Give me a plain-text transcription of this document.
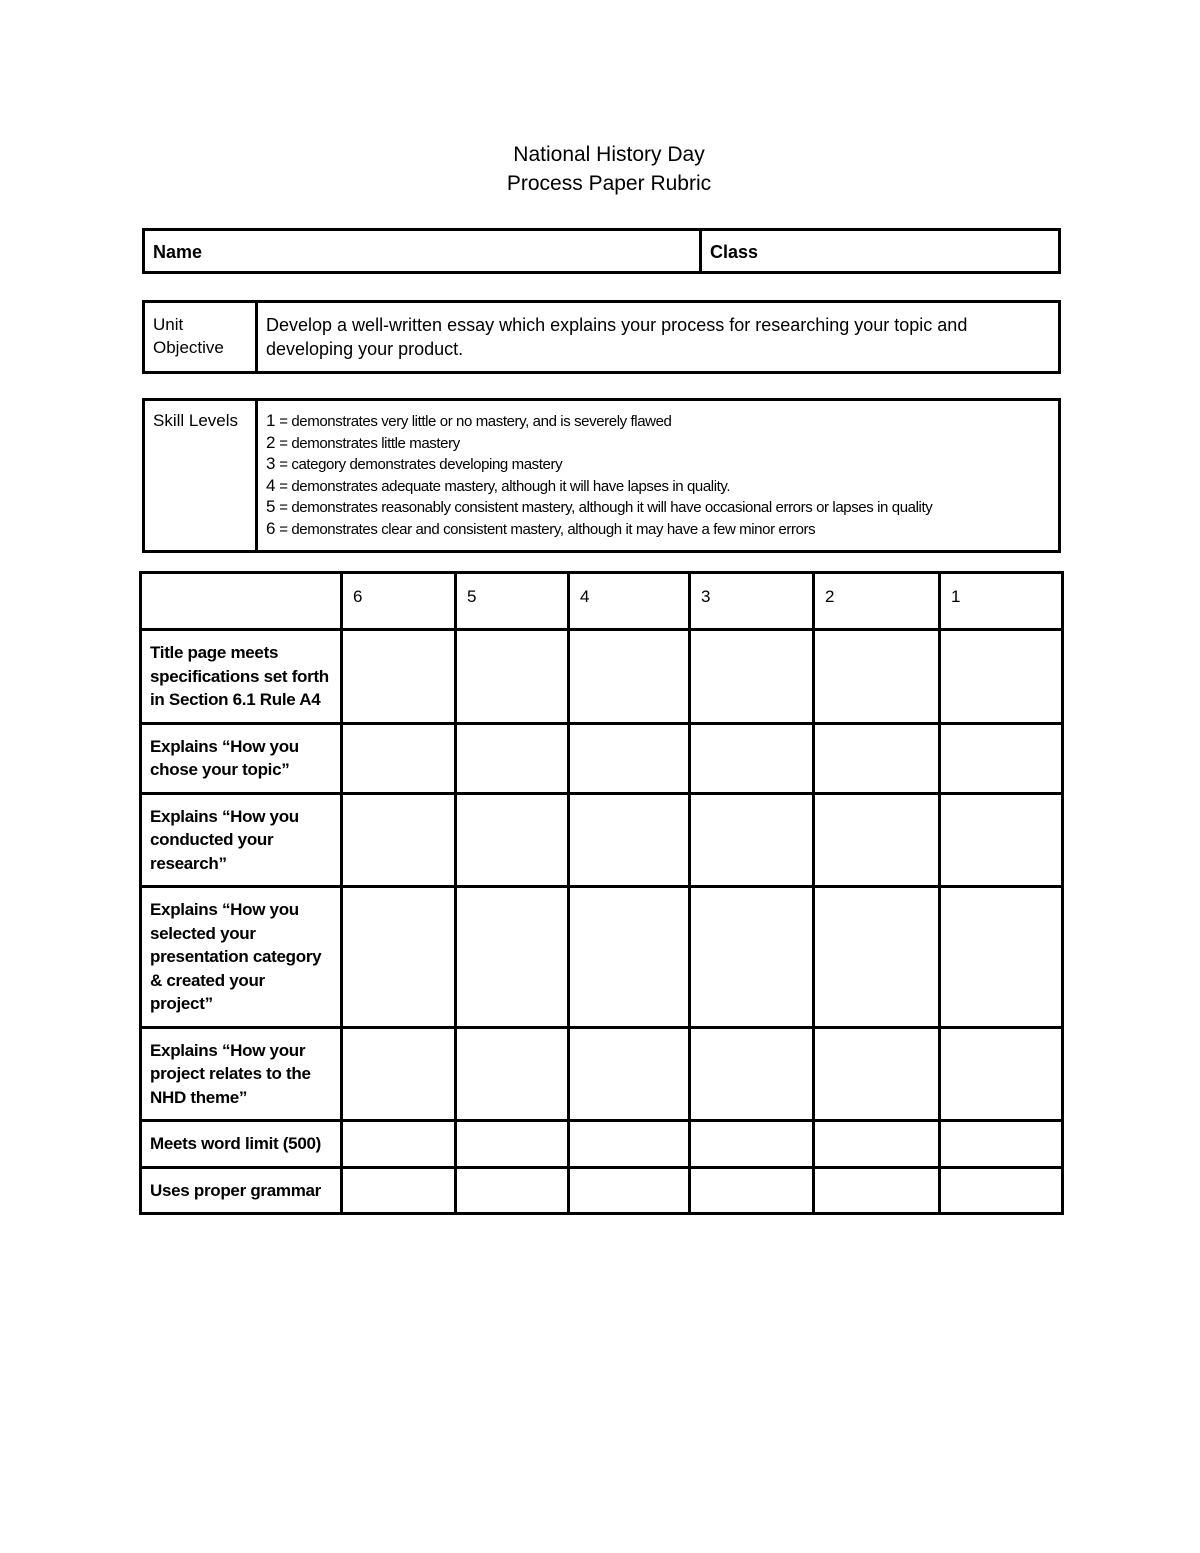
National History Day
Process Paper Rubric
Name	Class
Unit
Objective
	Develop a well-written essay which explains your process for researching your topic and developing your product.
Skill Levels	1 = demonstrates very little or no mastery, and is severely flawed
2 = demonstrates little mastery
3 = category demonstrates developing mastery
4 = demonstrates adequate mastery, although it will have lapses in quality.
5 = demonstrates reasonably consistent mastery, although it will have occasional errors or lapses in quality
6 = demonstrates clear and consistent mastery, although it may have a few minor errors
	6	5	4	3	2	1
Title page meets specifications set forth in Section 6.1 Rule A4						
Explains “How you chose your topic”						
Explains “How you conducted your research”						
Explains “How you selected your presentation category & created your project”						
Explains “How your project relates to the NHD theme”						
Meets word limit (500)						
Uses proper grammar						
